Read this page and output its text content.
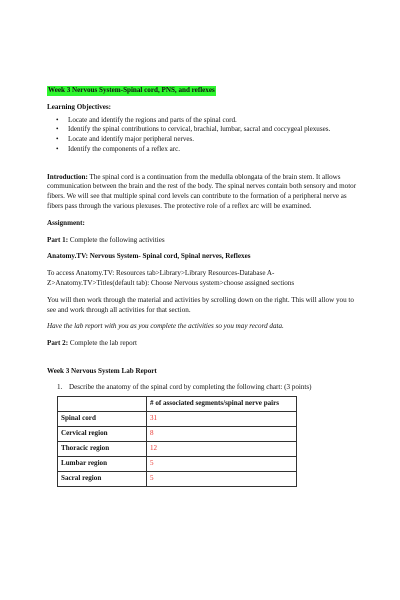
Week 3 Nervous System-Spinal cord, PNS, and reflexes

Learning Objectives:

• Locate and identify the regions and parts of the spinal cord.
• Identify the spinal contributions to cervical, brachial, lumbar, sacral and coccygeal plexuses.
• Locate and identify major peripheral nerves.
• Identify the components of a reflex arc.

Introduction: The spinal cord is a continuation from the medulla oblongata of the brain stem. It allows communication between the brain and the rest of the body. The spinal nerves contain both sensory and motor fibers. We will see that multiple spinal cord levels can contribute to the formation of a peripheral nerve as fibers pass through the various plexuses. The protective role of a reflex arc will be examined.

Assignment:

Part 1: Complete the following activities

Anatomy.TV: Nervous System- Spinal cord, Spinal nerves, Reflexes

To access Anatomy.TV: Resources tab>Library>Library Resources-Database A-Z>Anatomy.TV>Titles(default tab): Choose Nervous system>choose assigned sections

You will then work through the material and activities by scrolling down on the right. This will allow you to see and work through all activities for that section.

Have the lab report with you as you complete the activities so you may record data.

Part 2: Complete the lab report

Week 3 Nervous System Lab Report

1. Describe the anatomy of the spinal cord by completing the following chart: (3 points)
	# of associated segments/spinal nerve pairs
Spinal cord	31
Cervical region	8
Thoracic region	12
Lumbar region	5
Sacral region	5
